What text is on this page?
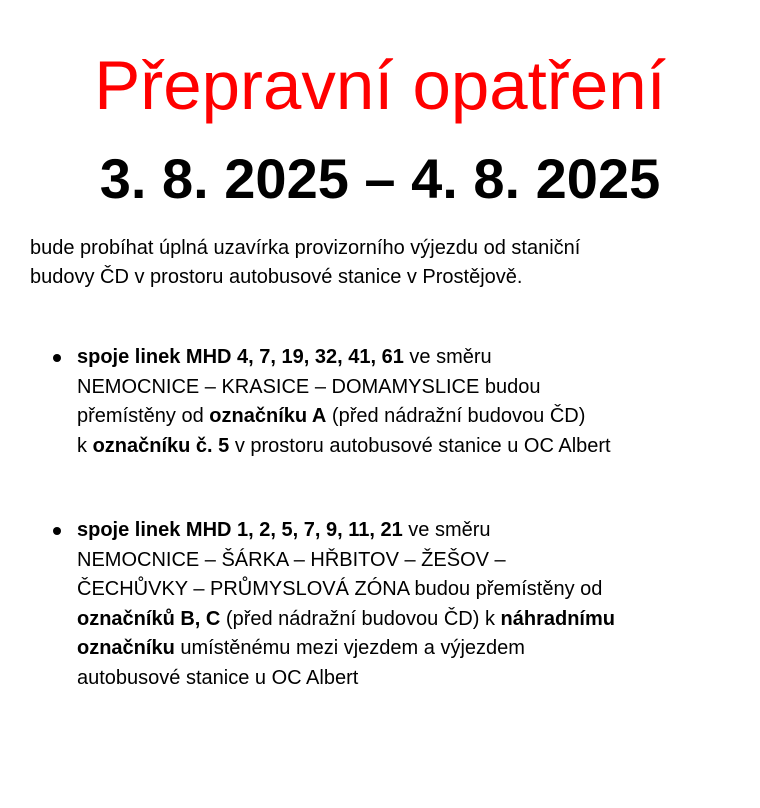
Přepravní opatření
3. 8. 2025 – 4. 8. 2025

bude probíhat úplná uzavírka provizorního výjezdu od staniční
budovy ČD v prostoru autobusové stanice v Prostějově.

spoje linek MHD 4, 7, 19, 32, 41, 61 ve směru
NEMOCNICE – KRASICE – DOMAMYSLICE budou
přemístěny od označníku A (před nádražní budovou ČD)
k označníku č. 5 v prostoru autobusové stanice u OC Albert
spoje linek MHD 1, 2, 5, 7, 9, 11, 21 ve směru
NEMOCNICE – ŠÁRKA – HŘBITOV – ŽEŠOV –
ČECHŮVKY – PRŮMYSLOVÁ ZÓNA budou přemístěny od
označníků B, C (před nádražní budovou ČD) k náhradnímu
označníku umístěnému mezi vjezdem a výjezdem
autobusové stanice u OC Albert
